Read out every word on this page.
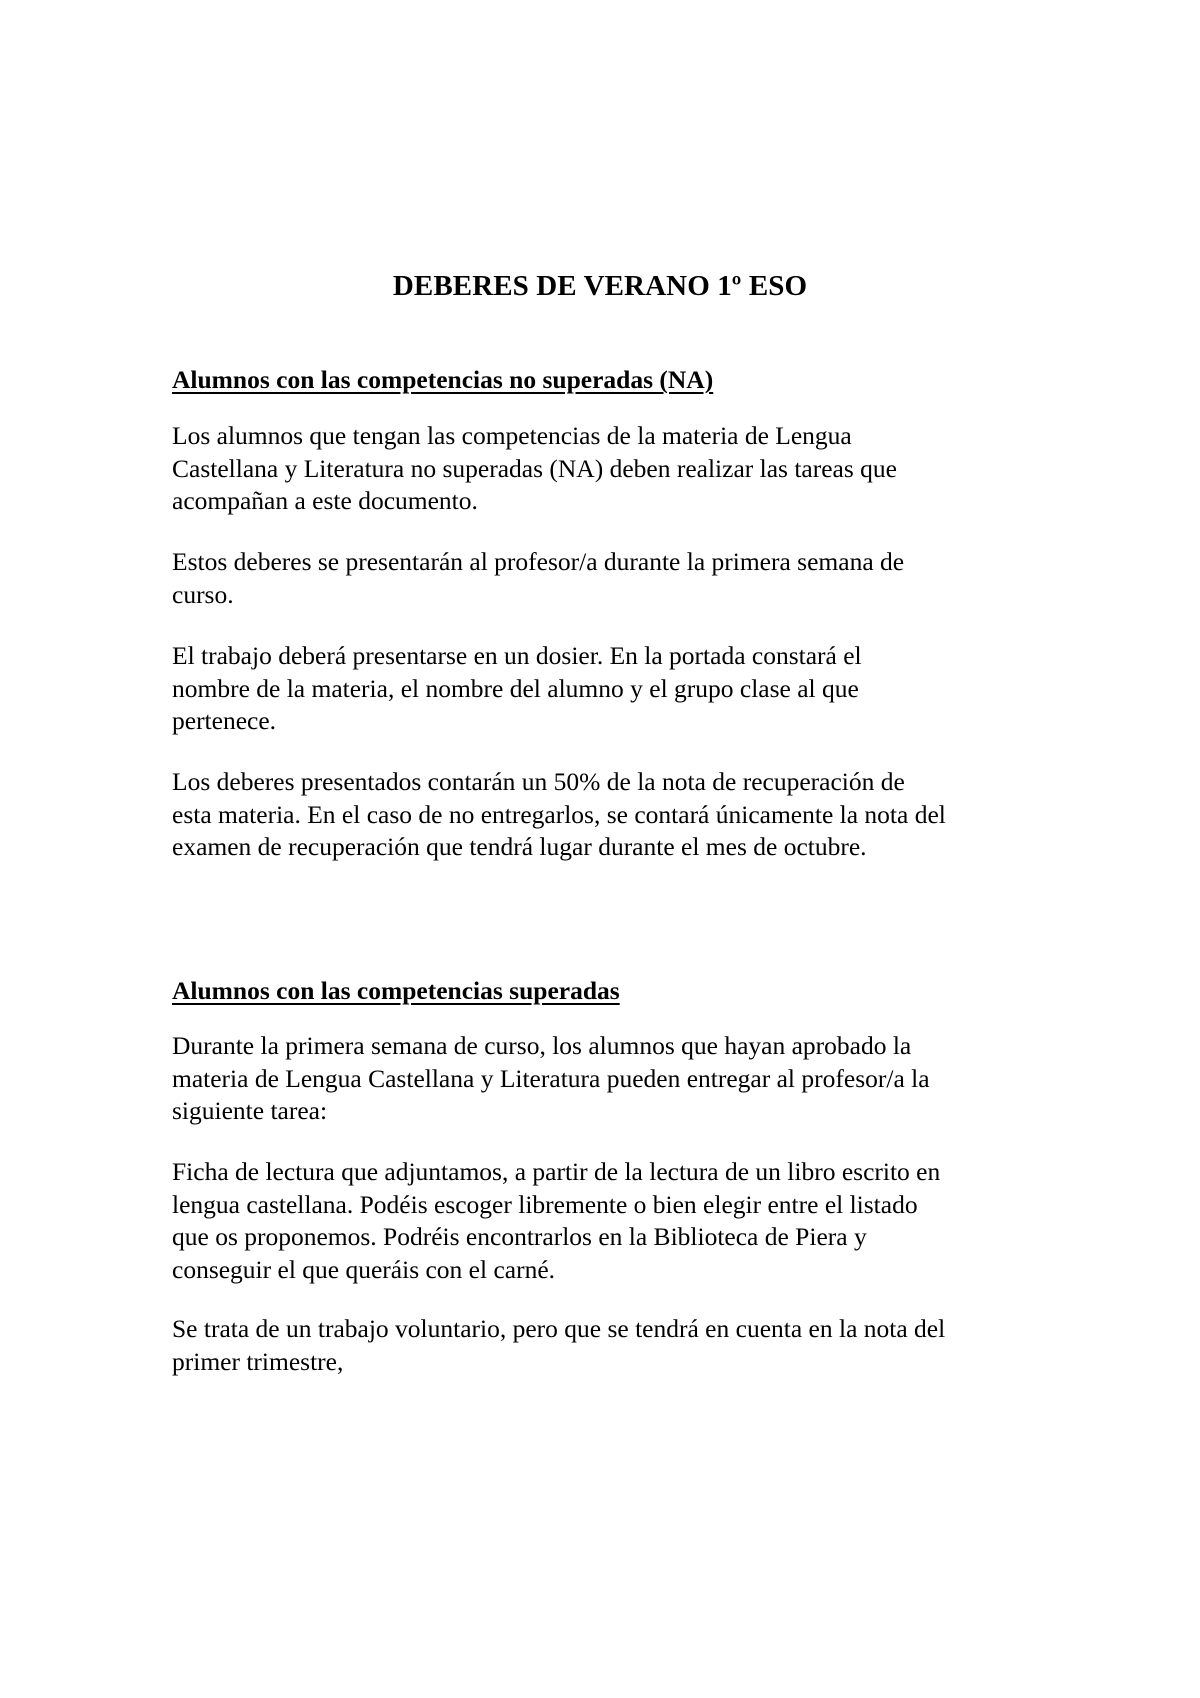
DEBERES DE VERANO 1º ESO
Alumnos con las competencias no superadas (NA)

Los alumnos que tengan las competencias de la materia de Lengua
Castellana y Literatura no superadas (NA) deben realizar las tareas que
acompañan a este documento.

Estos deberes se presentarán al profesor/a durante la primera semana de
curso.

El trabajo deberá presentarse en un dosier. En la portada constará el
nombre de la materia, el nombre del alumno y el grupo clase al que
pertenece.

Los deberes presentados contarán un 50% de la nota de recuperación de
esta materia. En el caso de no entregarlos, se contará únicamente la nota del
examen de recuperación que tendrá lugar durante el mes de octubre.

Alumnos con las competencias superadas

Durante la primera semana de curso, los alumnos que hayan aprobado la
materia de Lengua Castellana y Literatura pueden entregar al profesor/a la
siguiente tarea:

Ficha de lectura que adjuntamos, a partir de la lectura de un libro escrito en
lengua castellana. Podéis escoger libremente o bien elegir entre el listado
que os proponemos. Podréis encontrarlos en la Biblioteca de Piera y
conseguir el que queráis con el carné.

Se trata de un trabajo voluntario, pero que se tendrá en cuenta en la nota del
primer trimestre,
